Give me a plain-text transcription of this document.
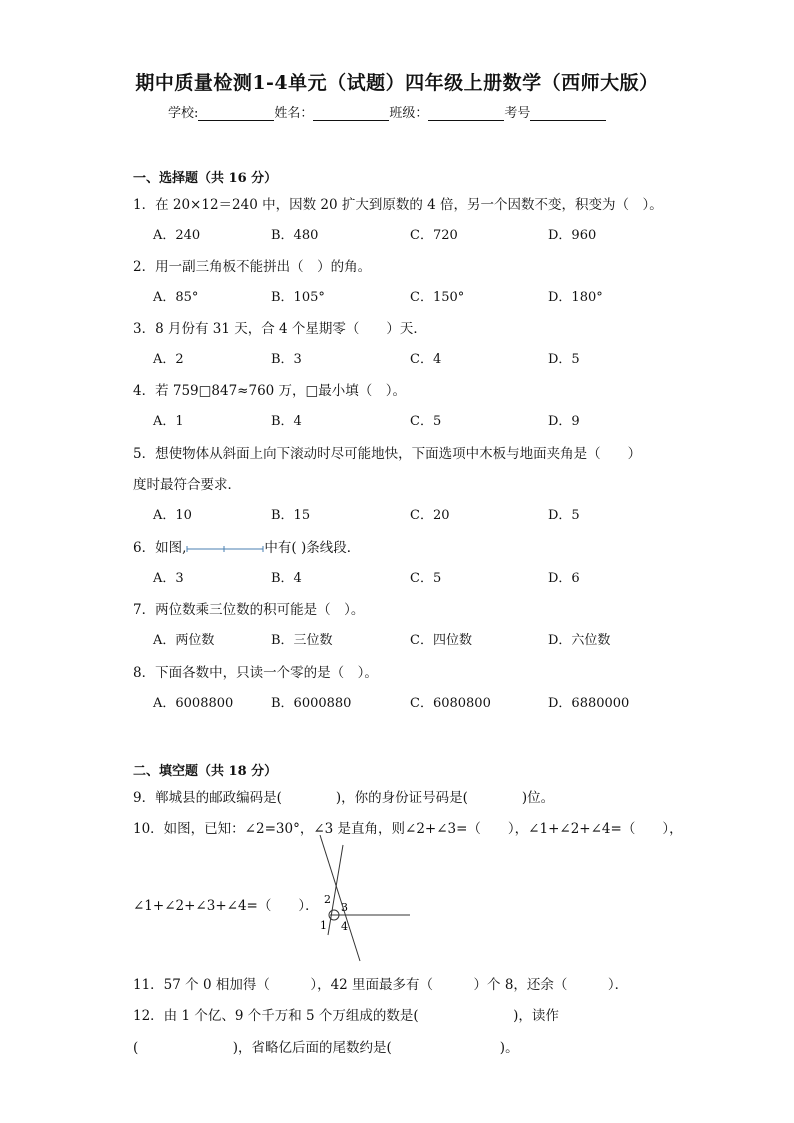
期中质量检测1-4单元（试题）四年级上册数学（西师大版）
学校:	姓名：	班级：	考号
一、选择题（共 16 分）
1．在 20×12＝240 中，因数 20 扩大到原数的 4 倍，另一个因数不变，积变为（　）。
A．240	B．480	C．720	D．960
2．用一副三角板不能拼出（　）的角。
A．85°	B．105°	C．150°	D．180°
3．8 月份有 31 天，合 4 个星期零（　　）天．
A．2	B．3	C．4	D．5
4．若 759□847≈760 万，□最小填（　）。
A．1	B．4	C．5	D．9
5．想使物体从斜面上向下滚动时尽可能地快，下面选项中木板与地面夹角是（　　）
度时最符合要求．
A．10	B．15	C．20	D．5
6．如图,	中有( )条线段．
A．3	B．4	C．5	D．6
7．两位数乘三位数的积可能是（　）。
A．两位数	B．三位数	C．四位数	D．六位数
8．下面各数中，只读一个零的是（　）。
A．6008800	B．6000880	C．6080800	D．6880000
二、填空题（共 18 分）
9．郸城县的邮政编码是(　　　　)，你的身份证号码是(　　　　)位。
10．如图，已知：∠2=30°，∠3 是直角，则∠2+∠3=（　　），∠1+∠2+∠4=（　　），
∠1+∠2+∠3+∠4=（　　）． 2
3
1 4
11．57 个 0 相加得（　　　），42 里面最多有（　　　）个 8，还余（　　　）．
12．由 1 个亿、9 个千万和 5 个万组成的数是(　　　　　　　)，读作
(　　　　　　　)，省略亿后面的尾数约是(　　　　　　　　)。
